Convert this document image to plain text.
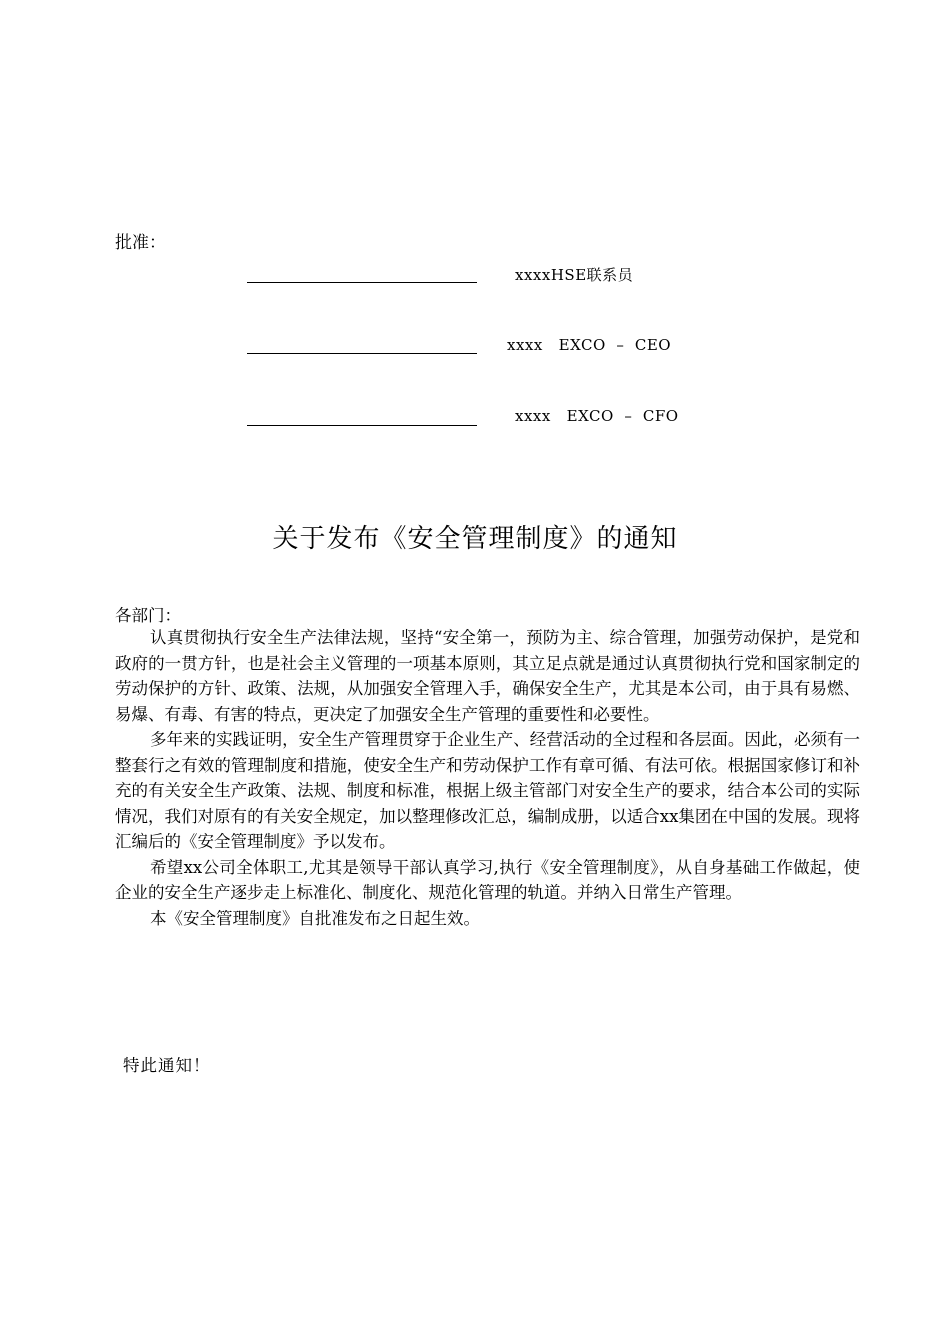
批准：
xxxxHSE联系员
xxxx   EXCO  –  CEO
xxxx   EXCO  –  CFO
关于发布《安全管理制度》的通知
各部门：

认真贯彻执行安全生产法律法规，坚持“安全第一，预防为主、综合管理，加强劳动保护，是党和政府的一贯方针，也是社会主义管理的一项基本原则，其立足点就是通过认真贯彻执行党和国家制定的劳动保护的方针、政策、法规，从加强安全管理入手，确保安全生产，尤其是本公司，由于具有易燃、易爆、有毒、有害的特点，更决定了加强安全生产管理的重要性和必要性。

多年来的实践证明，安全生产管理贯穿于企业生产、经营活动的全过程和各层面。因此，必须有一整套行之有效的管理制度和措施，使安全生产和劳动保护工作有章可循、有法可依。根据国家修订和补充的有关安全生产政策、法规、制度和标准，根据上级主管部门对安全生产的要求，结合本公司的实际情况，我们对原有的有关安全规定，加以整理修改汇总，编制成册，以适合xx集团在中国的发展。现将汇编后的《安全管理制度》予以发布。

希望xx公司全体职工,尤其是领导干部认真学习,执行《安全管理制度》，从自身基础工作做起，使企业的安全生产逐步走上标准化、制度化、规范化管理的轨道。并纳入日常生产管理。

本《安全管理制度》自批准发布之日起生效。

特此通知！
